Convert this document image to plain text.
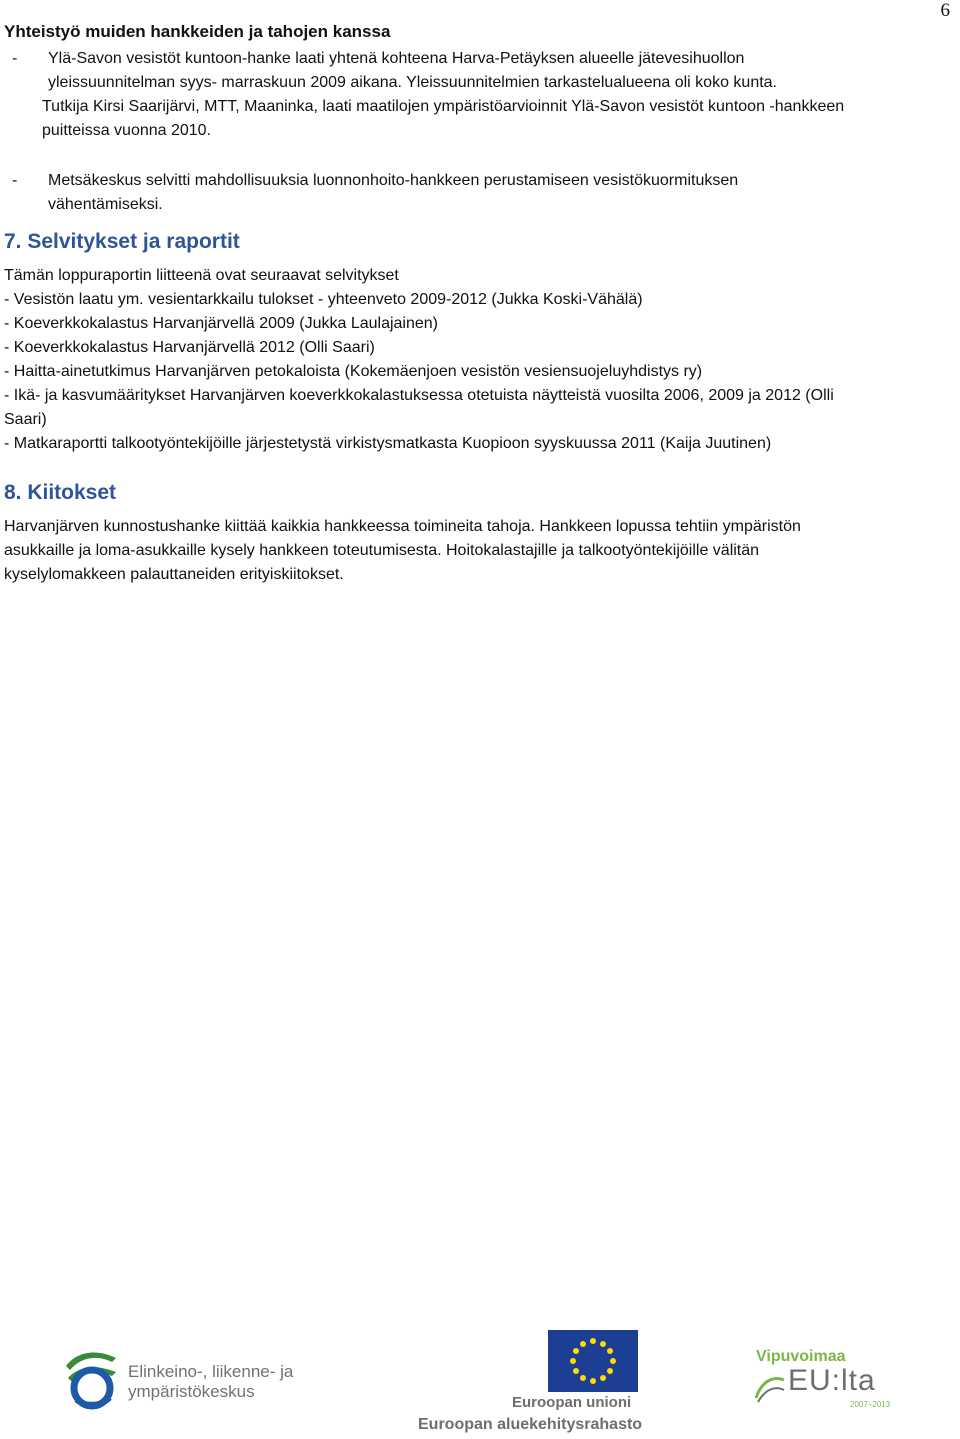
6
Yhteistyö muiden hankkeiden ja tahojen kanssa
- Ylä-Savon vesistöt kuntoon-hanke laati yhtenä kohteena Harva-Petäyksen alueelle jätevesihuollon
yleissuunnitelman syys- marraskuun 2009 aikana. Yleissuunnitelmien tarkastelualueena oli koko kunta.
Tutkija Kirsi Saarijärvi, MTT, Maaninka, laati maatilojen ympäristöarvioinnit Ylä-Savon vesistöt kuntoon -hankkeen
puitteissa vuonna 2010.
- Metsäkeskus selvitti mahdollisuuksia luonnonhoito-hankkeen perustamiseen vesistökuormituksen
vähentämiseksi.
7. Selvitykset ja raportit
Tämän loppuraportin liitteenä ovat seuraavat selvitykset
- Vesistön laatu ym. vesientarkkailu tulokset - yhteenveto 2009-2012 (Jukka Koski-Vähälä)
- Koeverkkokalastus Harvanjärvellä 2009 (Jukka Laulajainen)
- Koeverkkokalastus Harvanjärvellä 2012 (Olli Saari)
- Haitta-ainetutkimus Harvanjärven petokaloista (Kokemäenjoen vesistön vesiensuojeluyhdistys ry)
- Ikä- ja kasvumääritykset Harvanjärven koeverkkokalastuksessa otetuista näytteistä vuosilta 2006, 2009 ja 2012 (Olli
Saari)
- Matkaraportti talkootyöntekijöille järjestetystä virkistysmatkasta Kuopioon syyskuussa 2011 (Kaija Juutinen)
8. Kiitokset
Harvanjärven kunnostushanke kiittää kaikkia hankkeessa toimineita tahoja. Hankkeen lopussa tehtiin ympäristön
asukkaille ja loma-asukkaille kysely hankkeen toteutumisesta. Hoitokalastajille ja talkootyöntekijöille välitän
kyselylomakkeen palauttaneiden erityiskiitokset.
Elinkeino-, liikenne- ja
ympäristökeskus
Euroopan unioni
Euroopan aluekehitysrahasto
Vipuvoimaa
EU:lta
2007–2013
